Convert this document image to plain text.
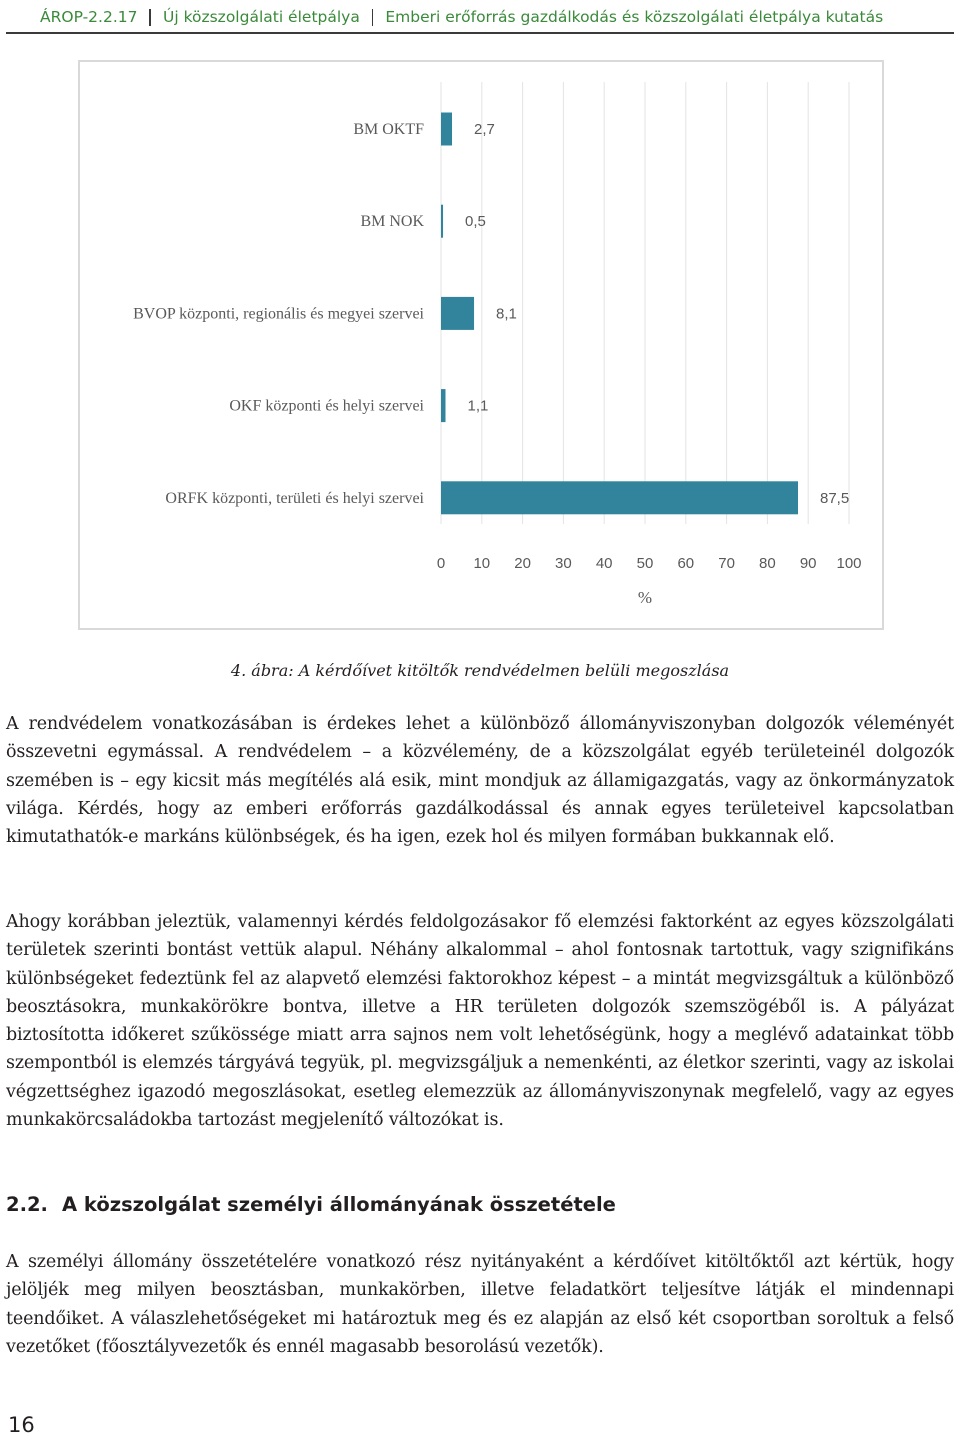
ÁROP-2.2.17 Új közszolgálati életpálya Emberi erőforrás gazdálkodás és közszolgálati életpálya kutatás
BM OKTF	2,7
BM NOK	0,5
BVOP központi, regionális és megyei szervei	8,1
OKF központi és helyi szervei	1,1
ORFK központi, területi és helyi szervei	87,5
0 10 20 30 40 50 60 70 80 90 100
%
4. ábra: A kérdőívet kitöltők rendvédelmen belüli megoszlása

A rendvédelem vonatkozásában is érdekes lehet a különböző állományviszonyban dolgozók véleményét összevetni egymással. A rendvédelem – a közvélemény, de a közszolgálat egyéb területeinél dolgozók szemében is – egy kicsit más megítélés alá esik, mint mondjuk az államigazgatás, vagy az önkormányzatok világa. Kérdés, hogy az emberi erőforrás gazdálkodással és annak egyes területeivel kapcsolatban kimutathatók-e markáns különbségek, és ha igen, ezek hol és milyen formában bukkannak elő.

Ahogy korábban jeleztük, valamennyi kérdés feldolgozásakor fő elemzési faktorként az egyes közszolgálati területek szerinti bontást vettük alapul. Néhány alkalommal – ahol fontosnak tartottuk, vagy szignifikáns különbségeket fedeztünk fel az alapvető elemzési faktorokhoz képest – a mintát megvizsgáltuk a különböző beosztásokra, munkakörökre bontva, illetve a HR területen dolgozók szemszögéből is. A pályázat biztosította időkeret szűkössége miatt arra sajnos nem volt lehetőségünk, hogy a meglévő adatainkat több szempontból is elemzés tárgyává tegyük, pl. megvizsgáljuk a nemenkénti, az életkor szerinti, vagy az iskolai végzettséghez igazodó megoszlásokat, esetleg elemezzük az állományviszonynak megfelelő, vagy az egyes munkakörcsaládokba tartozást megjelenítő változókat is.

2.2. A közszolgálat személyi állományának összetétele

A személyi állomány összetételére vonatkozó rész nyitányaként a kérdőívet kitöltőktől azt kértük, hogy jelöljék meg milyen beosztásban, munkakörben, illetve feladatkört teljesítve látják el mindennapi teendőiket. A válaszlehetőségeket mi határoztuk meg és ez alapján az első két csoportban soroltuk a felső vezetőket (főosztályvezetők és ennél magasabb besorolású vezetők).

16
